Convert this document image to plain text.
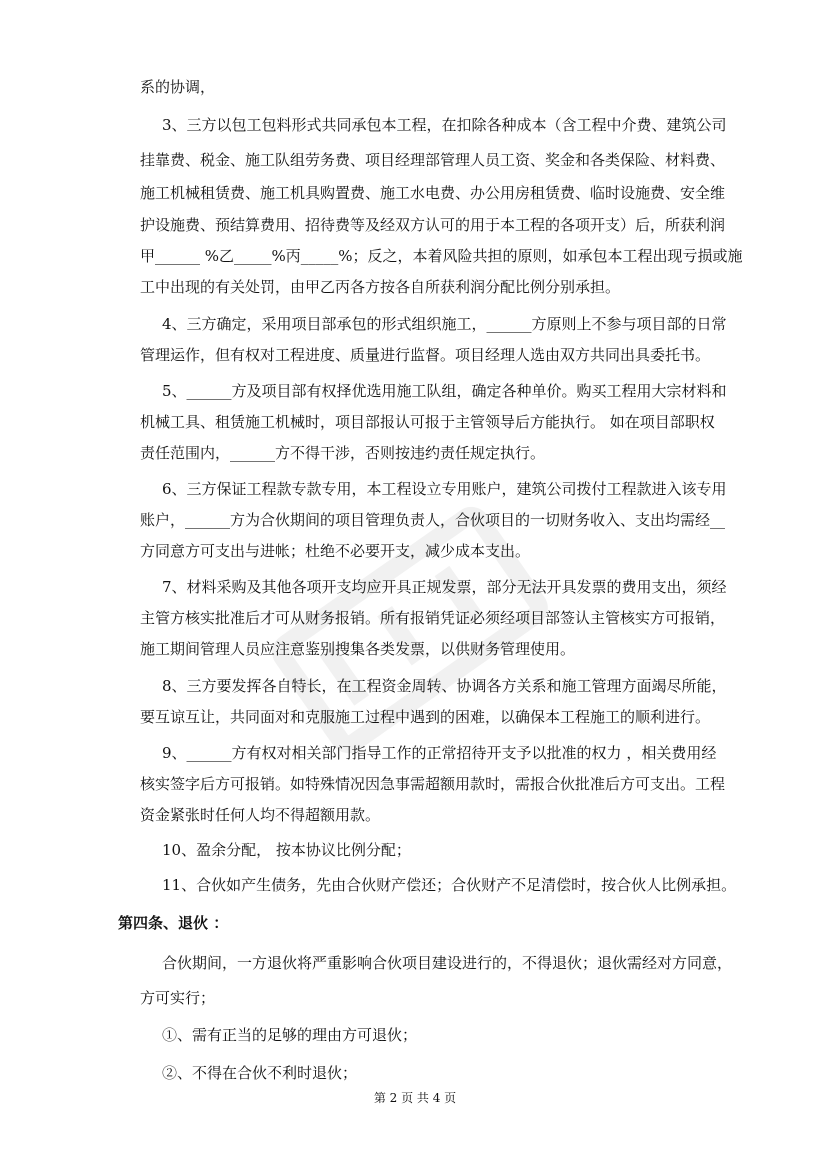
系的协调，
3、三方以包工包料形式共同承包本工程，在扣除各种成本（含工程中介费、建筑公司
挂靠费、税金、施工队组劳务费、项目经理部管理人员工资、奖金和各类保险、材料费、
施工机械租赁费、施工机具购置费、施工水电费、办公用房租赁费、临时设施费、安全维
护设施费、预结算费用、招待费等及经双方认可的用于本工程的各项开支）后，所获利润
甲______ %乙_____%丙_____%；反之，本着风险共担的原则，如承包本工程出现亏损或施
工中出现的有关处罚，由甲乙丙各方按各自所获利润分配比例分别承担。
4、三方确定，采用项目部承包的形式组织施工，______方原则上不参与项目部的日常
管理运作，但有权对工程进度、质量进行监督。项目经理人选由双方共同出具委托书。
5、______方及项目部有权择优选用施工队组，确定各种单价。购买工程用大宗材料和
机械工具、租赁施工机械时，项目部报认可报于主管领导后方能执行。 如在项目部职权
责任范围内，______方不得干涉，否则按违约责任规定执行。
6、三方保证工程款专款专用，本工程设立专用账户，建筑公司拨付工程款进入该专用
账户，______方为合伙期间的项目管理负责人，合伙项目的一切财务收入、支出均需经__
方同意方可支出与进帐；杜绝不必要开支，减少成本支出。
7、材料采购及其他各项开支均应开具正规发票，部分无法开具发票的费用支出，须经
主管方核实批准后才可从财务报销。所有报销凭证必须经项目部签认主管核实方可报销，
施工期间管理人员应注意鉴别搜集各类发票，以供财务管理使用。
8、三方要发挥各自特长，在工程资金周转、协调各方关系和施工管理方面竭尽所能，
要互谅互让，共同面对和克服施工过程中遇到的困难，以确保本工程施工的顺利进行。
9、______方有权对相关部门指导工作的正常招待开支予以批准的权力 ，相关费用经
核实签字后方可报销。如特殊情况因急事需超额用款时，需报合伙批准后方可支出。工程
资金紧张时任何人均不得超额用款。
10、盈余分配， 按本协议比例分配；
11、合伙如产生债务，先由合伙财产偿还；合伙财产不足清偿时，按合伙人比例承担。
第四条、退伙 ：
合伙期间，一方退伙将严重影响合伙项目建设进行的，不得退伙；退伙需经对方同意，
方可实行；
①、需有正当的足够的理由方可退伙；
②、不得在合伙不利时退伙；
第 2 页 共 4 页
